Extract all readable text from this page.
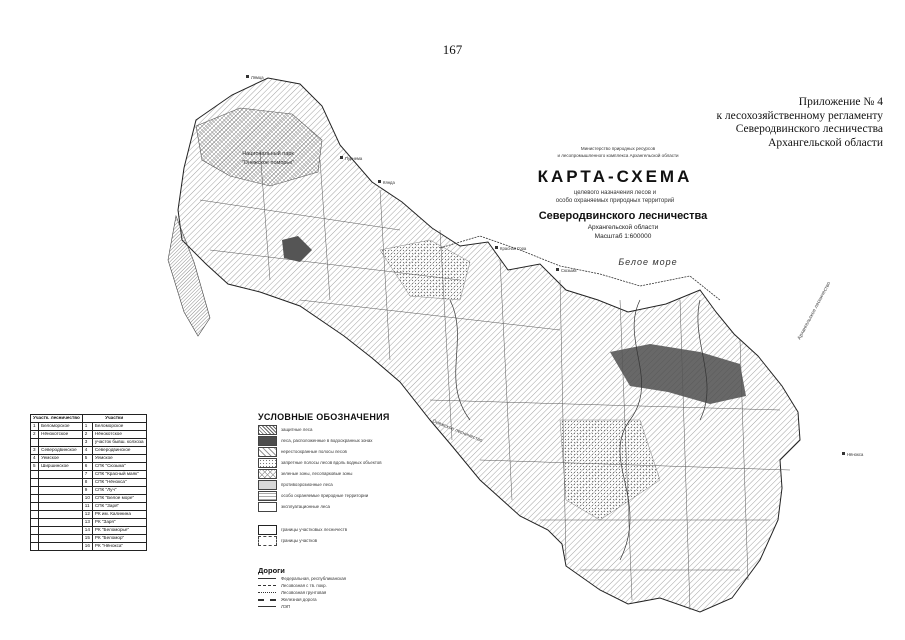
167
Приложение № 4
к лесохозяйственному регламенту
Северодвинского лесничества
Архангельской области
Министерство природных ресурсов
и лесопромышленного комплекса Архангельской области
КАРТА-СХЕМА
целевого назначения лесов и
особо охраняемых природных территорий
Северодвинского лесничества
Архангельской области
Масштаб 1:600000
Белое море
Национальный парк
"Онежское поморье"
Онежское лесничество
Архангельское лесничество
Лямца
Пурнема
Кянда
Красная Гора
Сюзьма
Нёнокса
Участк. лесничество		Участки	
1	Беломорское	1	Беломорское
2	Нёнокотское	2	Нёнокотское
		3	участок бывш. колхоза
3	Северодвинское	4	Северодвинское
4	Уемское	5	Уемское
5	Ширшинское	6	СПК "Сюзьма"
		7	СПК "Красный маяк"
		8	СПК "Нёнокса"
		9	СПК "Луч"
		10	СПК "Белое море"
		11	СПК "Заря"
		12	РК им. Калинина
		13	РК "Заря"
		14	РК "Беломорье"
		15	РК "Беломор"
		16	РК "Нёнокса"
УСЛОВНЫЕ ОБОЗНАЧЕНИЯ
защитные леса
леса, расположенные в водоохранных зонах
нерестоохранные полосы лесов
запретные полосы лесов вдоль водных объектов
зеленые зоны, лесопарковые зоны
противоэрозионные леса
особо охраняемые природные территории
эксплуатационные леса
границы участковых лесничеств
границы участков
Дороги
Федеральная, республиканская
Лесовозная с тв. покр.
Лесовозная грунтовая
Железная дорога
ЛЭП
